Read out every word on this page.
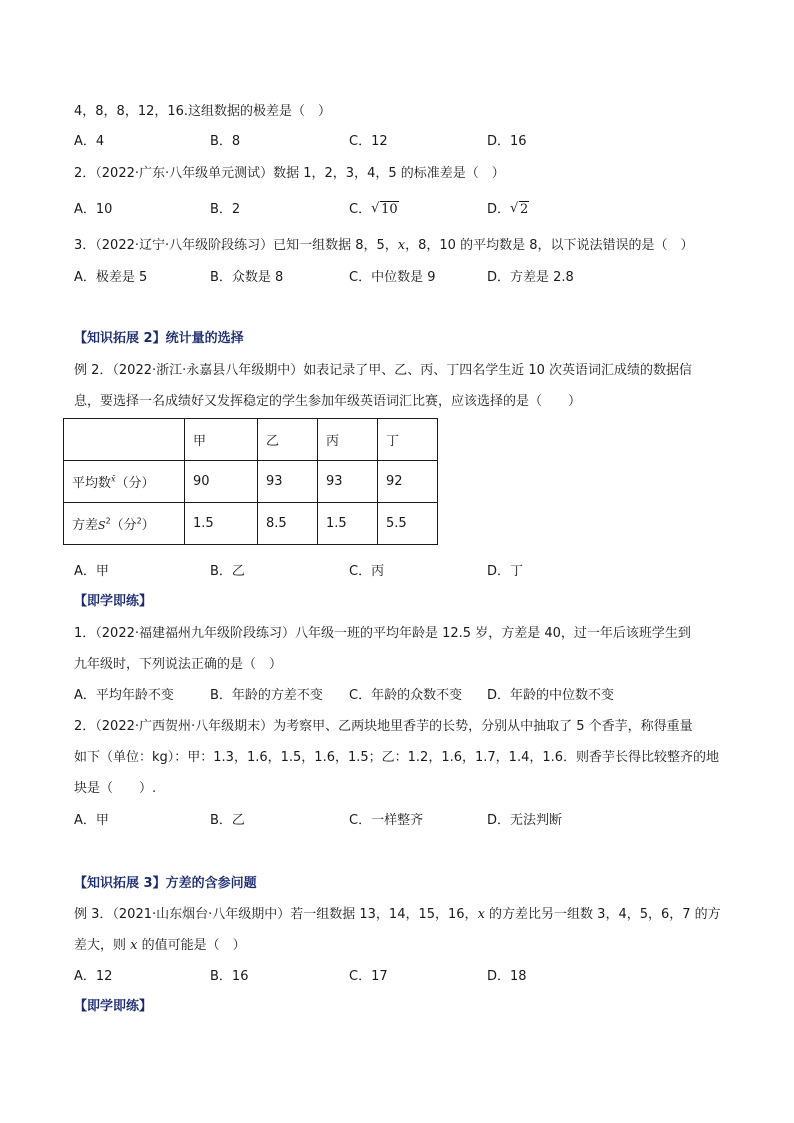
4，8，8，12，16.这组数据的极差是（　）
A．4	B．8	C．12	D．16
2．（2022·广东·八年级单元测试）数据 1，2，3，4，5 的标准差是（　）
A．10	B．2	C． √ 10	D． √ 2
3．（2022·辽宁·八年级阶段练习）已知一组数据 8，5，x，8，10 的平均数是 8，以下说法错误的是（　）
A．极差是 5	B．众数是 8	C．中位数是 9	D．方差是 2.8
【知识拓展 2】统计量的选择
例 2．（2022·浙江·永嘉县八年级期中）如表记录了甲、乙、丙、丁四名学生近 10 次英语词汇成绩的数据信
息，要选择一名成绩好又发挥稳定的学生参加年级英语词汇比赛，应该选择的是（　　）
	甲	乙	丙	丁
平均数$^{x̄}$（分）	90	93	93	92
方差$S^2$（分$^2$）	1.5	8.5	1.5	5.5
A．甲	B．乙	C．丙	D．丁
【即学即练】
1．（2022·福建福州九年级阶段练习）八年级一班的平均年龄是 12.5 岁，方差是 40，过一年后该班学生到
九年级时，下列说法正确的是（　）
A．平均年龄不变	B．年龄的方差不变 C．年龄的众数不变 D．年龄的中位数不变
2．（2022·广西贺州·八年级期末）为考察甲、乙两块地里香芋的长势，分别从中抽取了 5 个香芋，称得重量
如下（单位：kg）：甲：1.3，1.6，1.5，1.6，1.5；乙：1.2，1.6，1.7，1.4，1.6．则香芋长得比较整齐的地
块是（　　）.
A．甲	B．乙	C．一样整齐	D．无法判断
【知识拓展 3】方差的含参问题
例 3．（2021·山东烟台·八年级期中）若一组数据 13，14，15，16，x 的方差比另一组数 3，4，5，6，7 的方
差大，则 x 的值可能是（　）
A．12	B．16	C．17	D．18
【即学即练】
